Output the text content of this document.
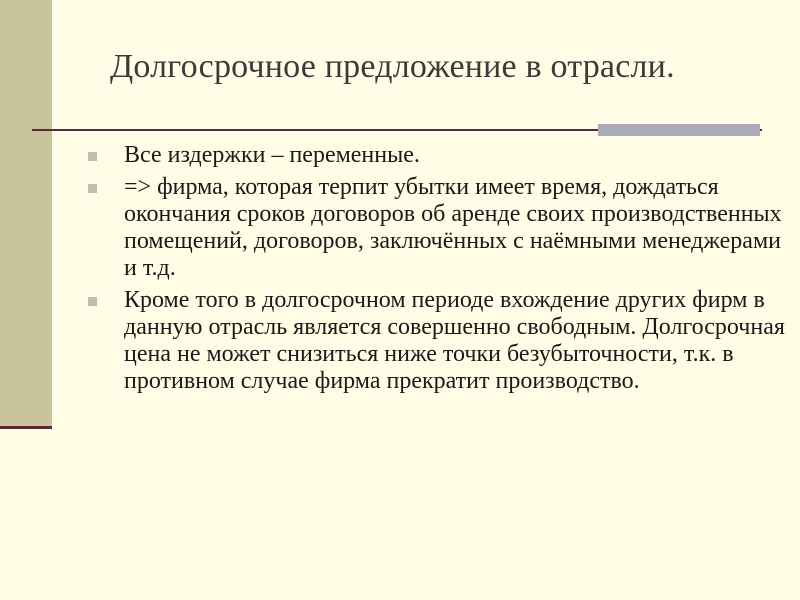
Долгосрочное предложение в отрасли.
Все издержки – переменные.
=> фирма, которая терпит убытки имеет время, дождаться окончания сроков договоров об аренде своих производственных помещений, договоров, заключённых с наёмными менеджерами и т.д.
Кроме того в долгосрочном периоде вхождение других фирм в данную отрасль является совершенно свободным. Долгосрочная цена не может снизиться ниже точки безубыточности, т.к. в противном случае фирма прекратит производство.
